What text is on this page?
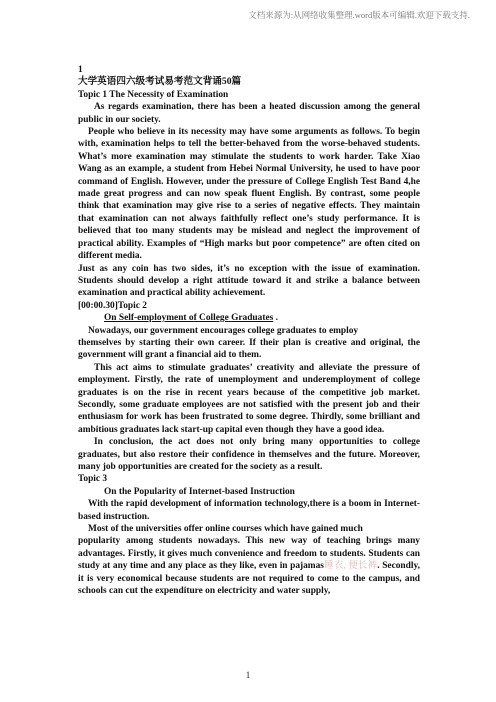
文档来源为:从网络收集整理.word版本可编辑.欢迎下载支持.

1

大学英语四六级考试易考范文背诵50篇

Topic 1 The Necessity of Examination

As regards examination, there has been a heated discussion among the general public in our society.

People who believe in its necessity may have some arguments as follows. To begin with, examination helps to tell the better-behaved from the worse-behaved students. What’s more examination may stimulate the students to work harder. Take Xiao Wang as an example, a student from Hebei Normal University, he used to have poor command of English. However, under the pressure of College English Test Band 4,he made great progress and can now speak fluent English. By contrast, some people think that examination may give rise to a series of negative effects. They maintain that examination can not always faithfully reflect one’s study performance. It is believed that too many students may be mislead and neglect the improvement of practical ability. Examples of “High marks but poor competence” are often cited on different media.

Just as any coin has two sides, it’s no exception with the issue of examination. Students should develop a right attitude toward it and strike a balance between examination and practical ability achievement.

[00:00.30]Topic 2

On Self-employment of College Graduates .

Nowadays, our government encourages college graduates to employ

themselves by starting their own career. If their plan is creative and original, the government will grant a financial aid to them.

This act aims to stimulate graduates’ creativity and alleviate the pressure of employment. Firstly, the rate of unemployment and underemployment of college graduates is on the rise in recent years because of the competitive job market. Secondly, some graduate employees are not satisfied with the present job and their enthusiasm for work has been frustrated to some degree. Thirdly, some brilliant and ambitious graduates lack start-up capital even though they have a good idea.

In conclusion, the act does not only bring many opportunities to college graduates, but also restore their confidence in themselves and the future. Moreover, many job opportunities are created for the society as a result.

Topic 3

On the Popularity of Internet-based Instruction

With the rapid development of information technology,there is a boom in Internet-based instruction.

Most of the universities offer online courses which have gained much

popularity among students nowadays. This new way of teaching brings many advantages. Firstly, it gives much convenience and freedom to students. Students can study at any time and any place as they like, even in pajamas睡衣, 便长裤. Secondly, it is very economical because students are not required to come to the campus, and schools can cut the expenditure on electricity and water supply,

1
